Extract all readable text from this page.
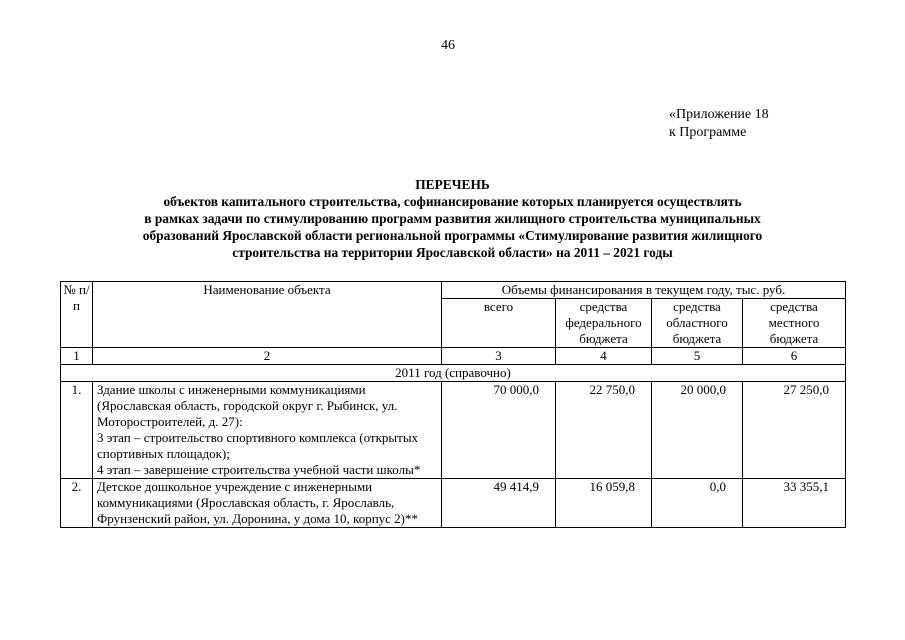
46
«Приложение 18
к Программе
ПЕРЕЧЕНЬ
объектов капитального строительства, софинансирование которых планируется осуществлять
в рамках задачи по стимулированию программ развития жилищного строительства муниципальных
образований Ярославской области региональной программы «Стимулирование развития жилищного
строительства на территории Ярославской области» на 2011 – 2021 годы
№ п/п	Наименование объекта	Объемы финансирования в текущем году, тыс. руб.			
		всего	средства федерального бюджета	средства областного бюджета	средства местного бюджета
1	2	3	4	5	6
2011 год (справочно)					
1.	Здание школы с инженерными коммуникациями (Ярославская область, городской округ г. Рыбинск, ул. Моторостроителей, д. 27):
3 этап – строительство спортивного комплекса (открытых спортивных площадок);
4 этап – завершение строительства учебной части школы*	70 000,0	22 750,0	20 000,0	27 250,0
2.	Детское дошкольное учреждение с инженерными коммуникациями (Ярославская область, г. Ярославль, Фрунзенский район, ул. Доронина, у дома 10, корпус 2)**	49 414,9	16 059,8	0,0	33 355,1
